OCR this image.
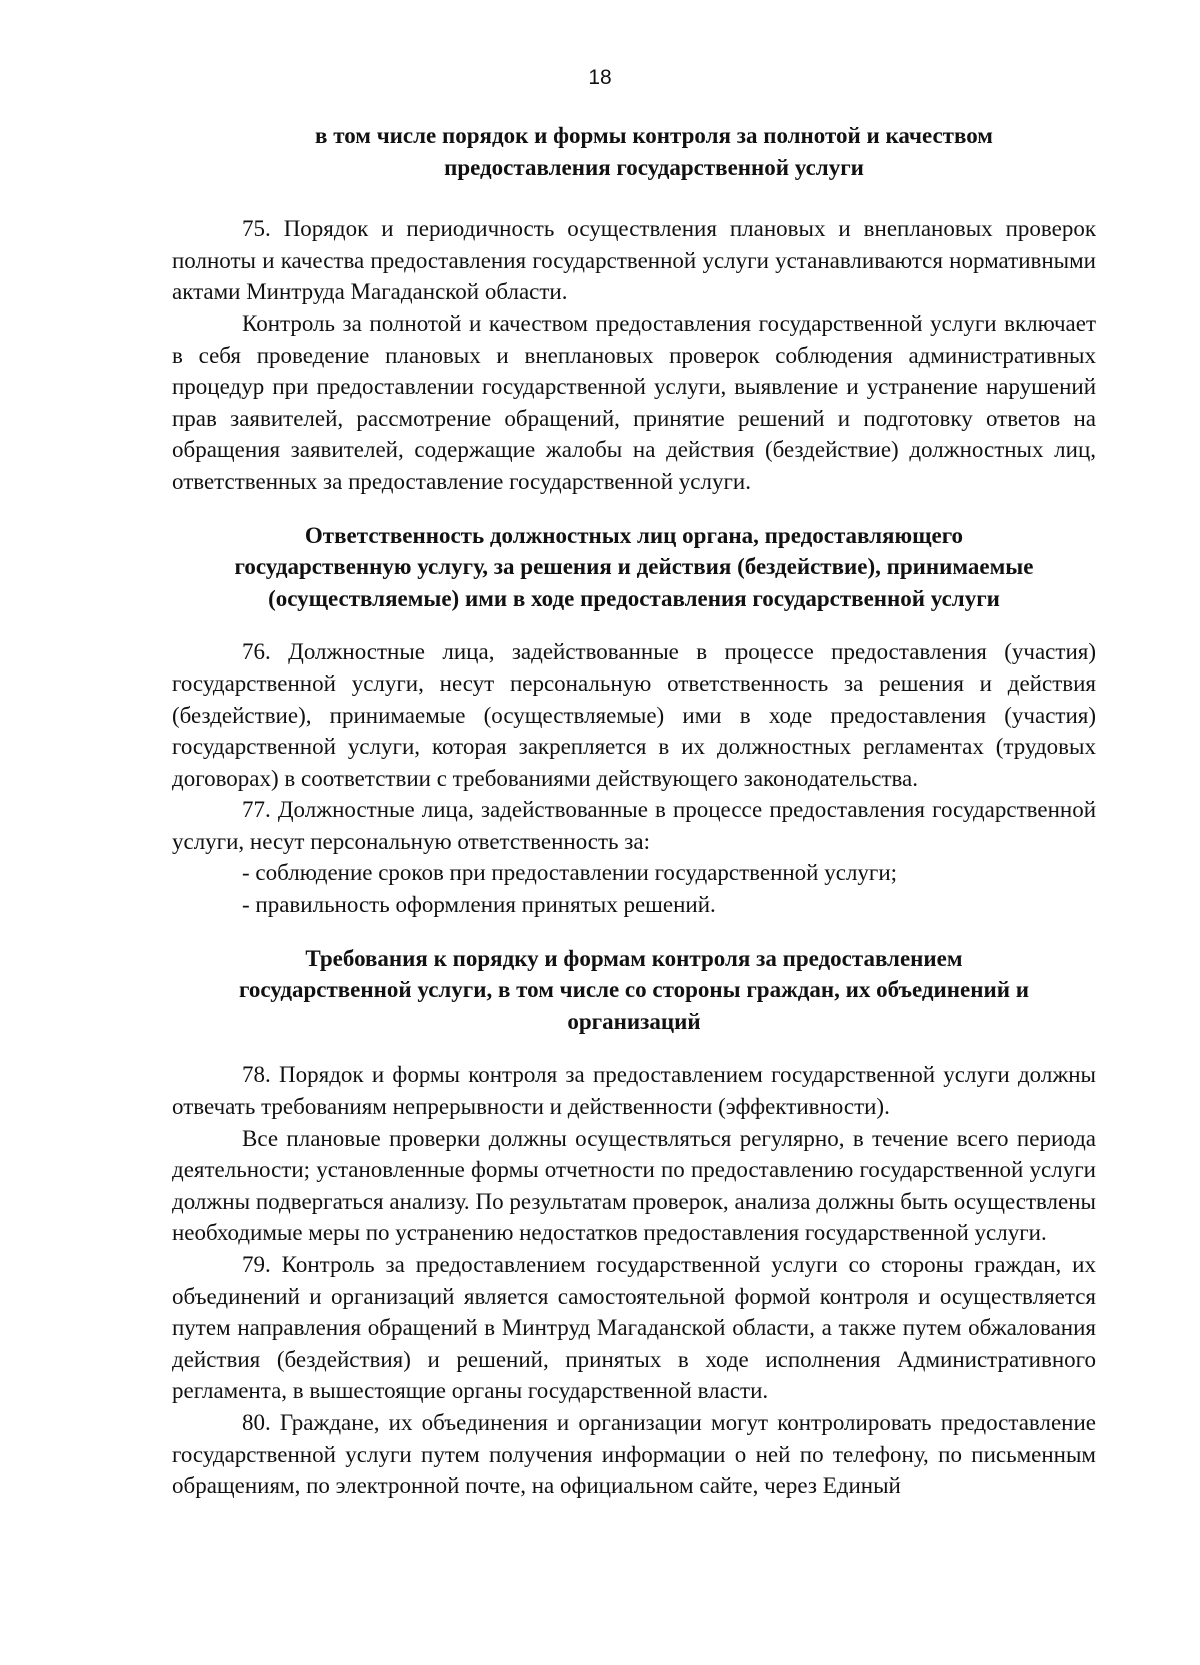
18
в том числе порядок и формы контроля за полнотой и качеством
предоставления государственной услуги

75. Порядок и периодичность осуществления плановых и внеплановых проверок полноты и качества предоставления государственной услуги устанавливаются нормативными актами Минтруда Магаданской области.

Контроль за полнотой и качеством предоставления государственной услуги включает в себя проведение плановых и внеплановых проверок соблюдения административных процедур при предоставлении государственной услуги, выявление и устранение нарушений прав заявителей, рассмотрение обращений, принятие решений и подготовку ответов на обращения заявителей, содержащие жалобы на действия (бездействие) должностных лиц, ответственных за предоставление государственной услуги.

Ответственность должностных лиц органа, предоставляющего
государственную услугу, за решения и действия (бездействие), принимаемые
(осуществляемые) ими в ходе предоставления государственной услуги

76. Должностные лица, задействованные в процессе предоставления (участия) государственной услуги, несут персональную ответственность за решения и действия (бездействие), принимаемые (осуществляемые) ими в ходе предоставления (участия) государственной услуги, которая закрепляется в их должностных регламентах (трудовых договорах) в соответствии с требованиями действующего законодательства.

77. Должностные лица, задействованные в процессе предоставления государственной услуги, несут персональную ответственность за:

- соблюдение сроков при предоставлении государственной услуги;

- правильность оформления принятых решений.

Требования к порядку и формам контроля за предоставлением
государственной услуги, в том числе со стороны граждан, их объединений и
организаций

78. Порядок и формы контроля за предоставлением государственной услуги должны отвечать требованиям непрерывности и действенности (эффективности).

Все плановые проверки должны осуществляться регулярно, в течение всего периода деятельности; установленные формы отчетности по предоставлению государственной услуги должны подвергаться анализу. По результатам проверок, анализа должны быть осуществлены необходимые меры по устранению недостатков предоставления государственной услуги.

79. Контроль за предоставлением государственной услуги со стороны граждан, их объединений и организаций является самостоятельной формой контроля и осуществляется путем направления обращений в Минтруд Магаданской области, а также путем обжалования действия (бездействия) и решений, принятых в ходе исполнения Административного регламента, в вышестоящие органы государственной власти.

80. Граждане, их объединения и организации могут контролировать предоставление государственной услуги путем получения информации о ней по телефону, по письменным обращениям, по электронной почте, на официальном сайте, через Единый
